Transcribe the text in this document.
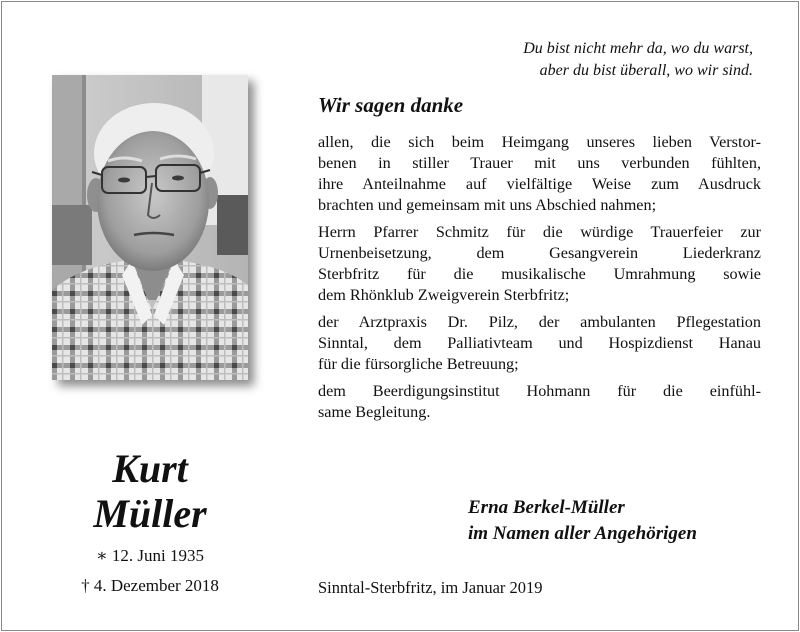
Kurt
Müller
∗ 12. Juni 1935
† 4. Dezember 2018
Du bist nicht mehr da, wo du warst,
aber du bist überall, wo wir sind.
Wir sagen danke

allen, die sich beim Heimgang unseres lieben Verstor-
benen in stiller Trauer mit uns verbunden fühlten,
ihre Anteilnahme auf vielfältige Weise zum Ausdruck
brachten und gemeinsam mit uns Abschied nahmen;

Herrn Pfarrer Schmitz für die würdige Trauerfeier zur
Urnenbeisetzung, dem Gesangverein Liederkranz
Sterbfritz für die musikalische Umrahmung sowie
dem Rhönklub Zweigverein Sterbfritz;

der Arztpraxis Dr. Pilz, der ambulanten Pflegestation
Sinntal, dem Palliativteam und Hospizdienst Hanau
für die fürsorgliche Betreuung;

dem Beerdigungsinstitut Hohmann für die einfühl-
same Begleitung.

Erna Berkel-Müller
im Namen aller Angehörigen
Sinntal-Sterbfritz, im Januar 2019
